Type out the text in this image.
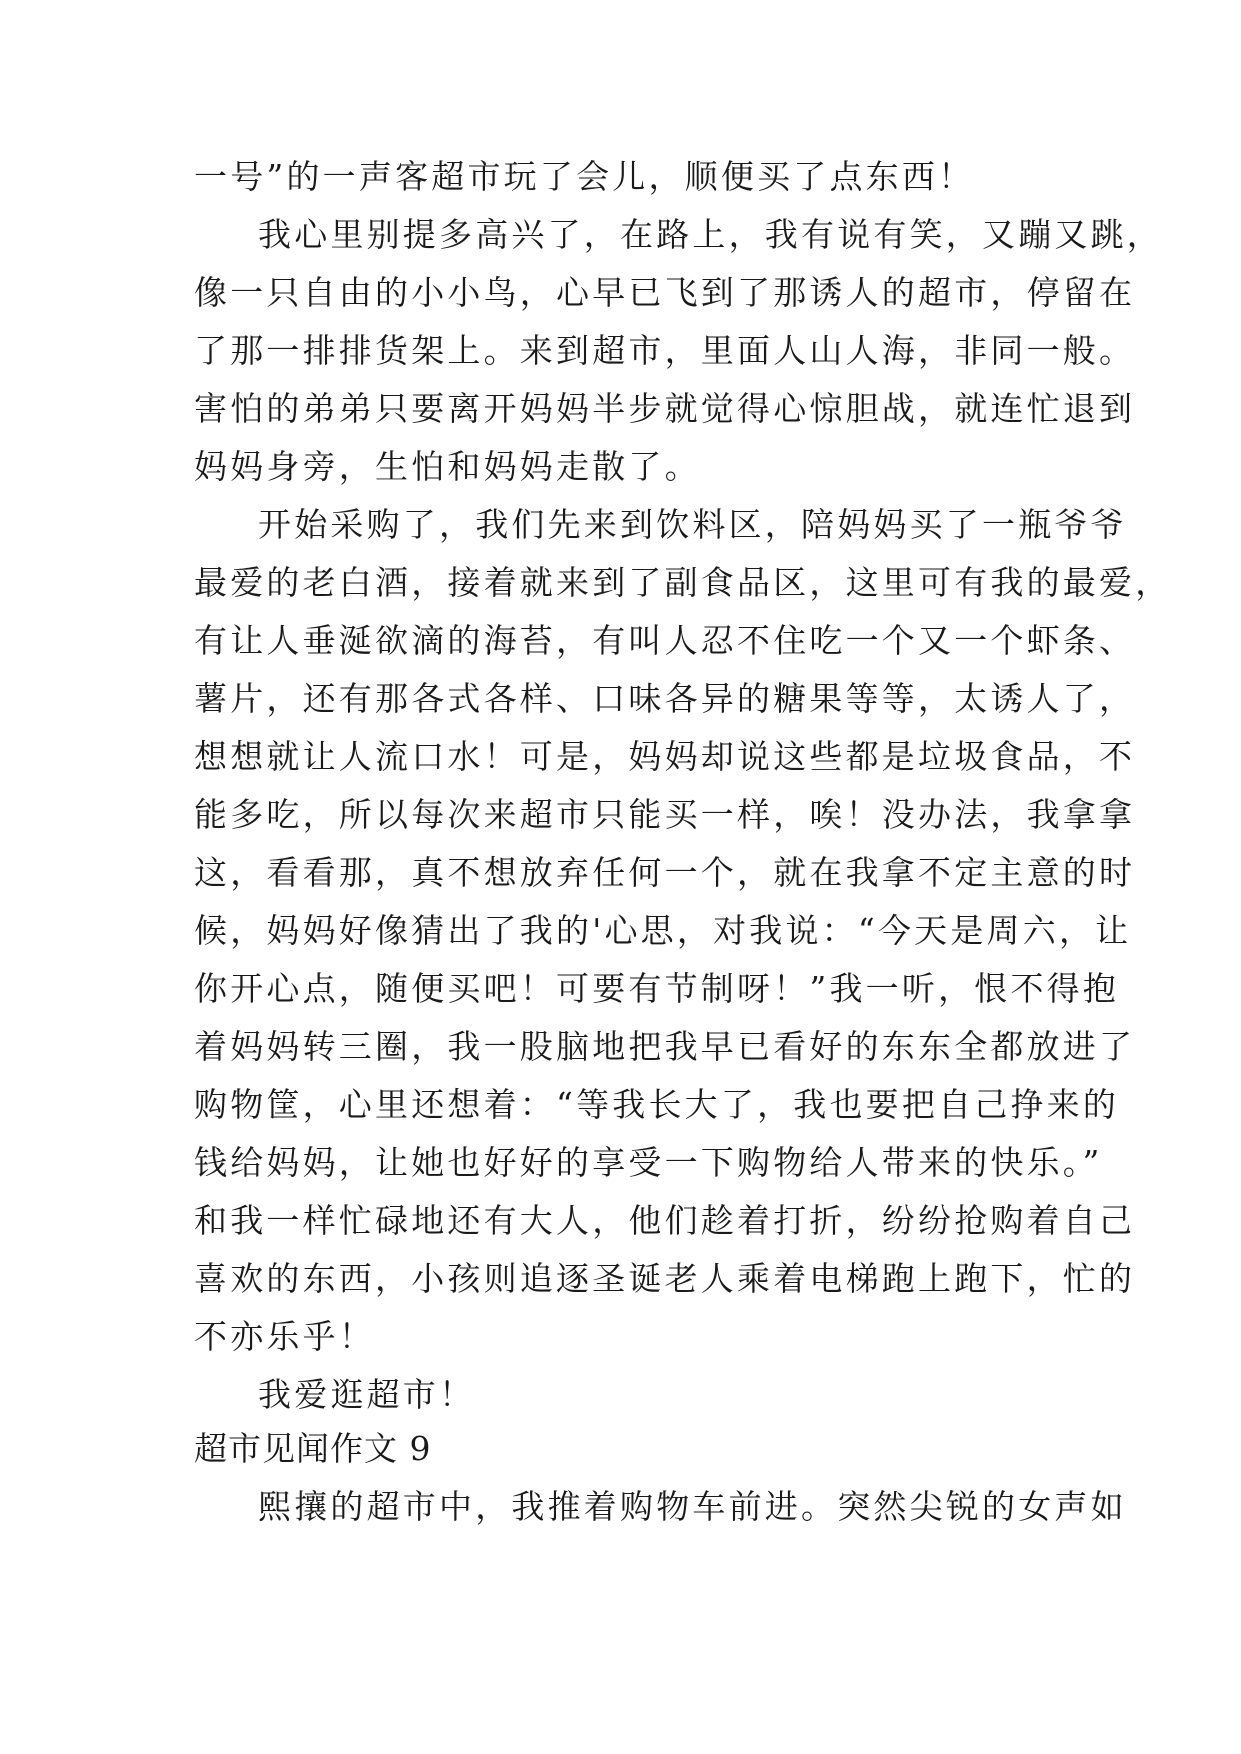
一号”的一声客超市玩了会儿，顺便买了点东西！
我心里别提多高兴了，在路上，我有说有笑，又蹦又跳，
像一只自由的小小鸟，心早已飞到了那诱人的超市，停留在
了那一排排货架上。来到超市，里面人山人海，非同一般。
害怕的弟弟只要离开妈妈半步就觉得心惊胆战，就连忙退到
妈妈身旁，生怕和妈妈走散了。
开始采购了，我们先来到饮料区，陪妈妈买了一瓶爷爷
最爱的老白酒，接着就来到了副食品区，这里可有我的最爱，
有让人垂涎欲滴的海苔，有叫人忍不住吃一个又一个虾条、
薯片，还有那各式各样、口味各异的糖果等等，太诱人了，
想想就让人流口水！可是，妈妈却说这些都是垃圾食品，不
能多吃，所以每次来超市只能买一样，唉！没办法，我拿拿
这，看看那，真不想放弃任何一个，就在我拿不定主意的时
候，妈妈好像猜出了我的'心思，对我说：“今天是周六，让
你开心点，随便买吧！可要有节制呀！”我一听，恨不得抱
着妈妈转三圈，我一股脑地把我早已看好的东东全都放进了
购物筐，心里还想着：“等我长大了，我也要把自己挣来的
钱给妈妈，让她也好好的享受一下购物给人带来的快乐。”
和我一样忙碌地还有大人，他们趁着打折，纷纷抢购着自己
喜欢的东西，小孩则追逐圣诞老人乘着电梯跑上跑下，忙的
不亦乐乎！
我爱逛超市！
超市见闻作文 9
熙攘的超市中，我推着购物车前进。突然尖锐的女声如
